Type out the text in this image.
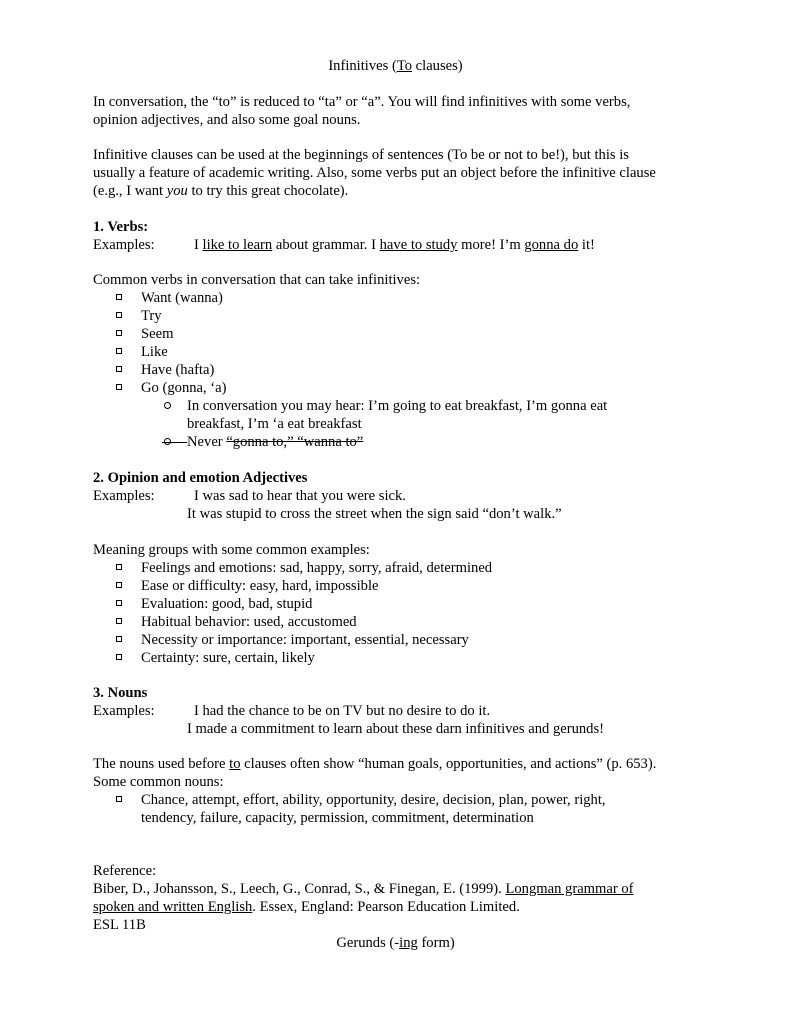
Infinitives (To clauses)
In conversation, the “to” is reduced to “ta” or “a”. You will find infinitives with some verbs,
opinion adjectives, and also some goal nouns.
Infinitive clauses can be used at the beginnings of sentences (To be or not to be!), but this is
usually a feature of academic writing. Also, some verbs put an object before the infinitive clause
(e.g., I want you to try this great chocolate).
1. Verbs:
Examples:	I like to learn about grammar. I have to study more! I’m gonna do it!
Common verbs in conversation that can take infinitives:
Want (wanna)
Try
Seem
Like
Have (hafta)
Go (gonna, ‘a)
In conversation you may hear: I’m going to eat breakfast, I’m gonna eat
breakfast, I’m ‘a eat breakfast
Never “gonna to,” “wanna to”
2. Opinion and emotion Adjectives
Examples:	I was sad to hear that you were sick.
It was stupid to cross the street when the sign said “don’t walk.”
Meaning groups with some common examples:
Feelings and emotions: sad, happy, sorry, afraid, determined
Ease or difficulty: easy, hard, impossible
Evaluation: good, bad, stupid
Habitual behavior: used, accustomed
Necessity or importance: important, essential, necessary
Certainty: sure, certain, likely
3. Nouns
Examples:	I had the chance to be on TV but no desire to do it.
I made a commitment to learn about these darn infinitives and gerunds!
The nouns used before to clauses often show “human goals, opportunities, and actions” (p. 653).
Some common nouns:
Chance, attempt, effort, ability, opportunity, desire, decision, plan, power, right,
tendency, failure, capacity, permission, commitment, determination
Reference:
Biber, D., Johansson, S., Leech, G., Conrad, S., & Finegan, E. (1999). Longman grammar of
spoken and written English. Essex, England: Pearson Education Limited.
ESL 11B
Gerunds (-ing form)
